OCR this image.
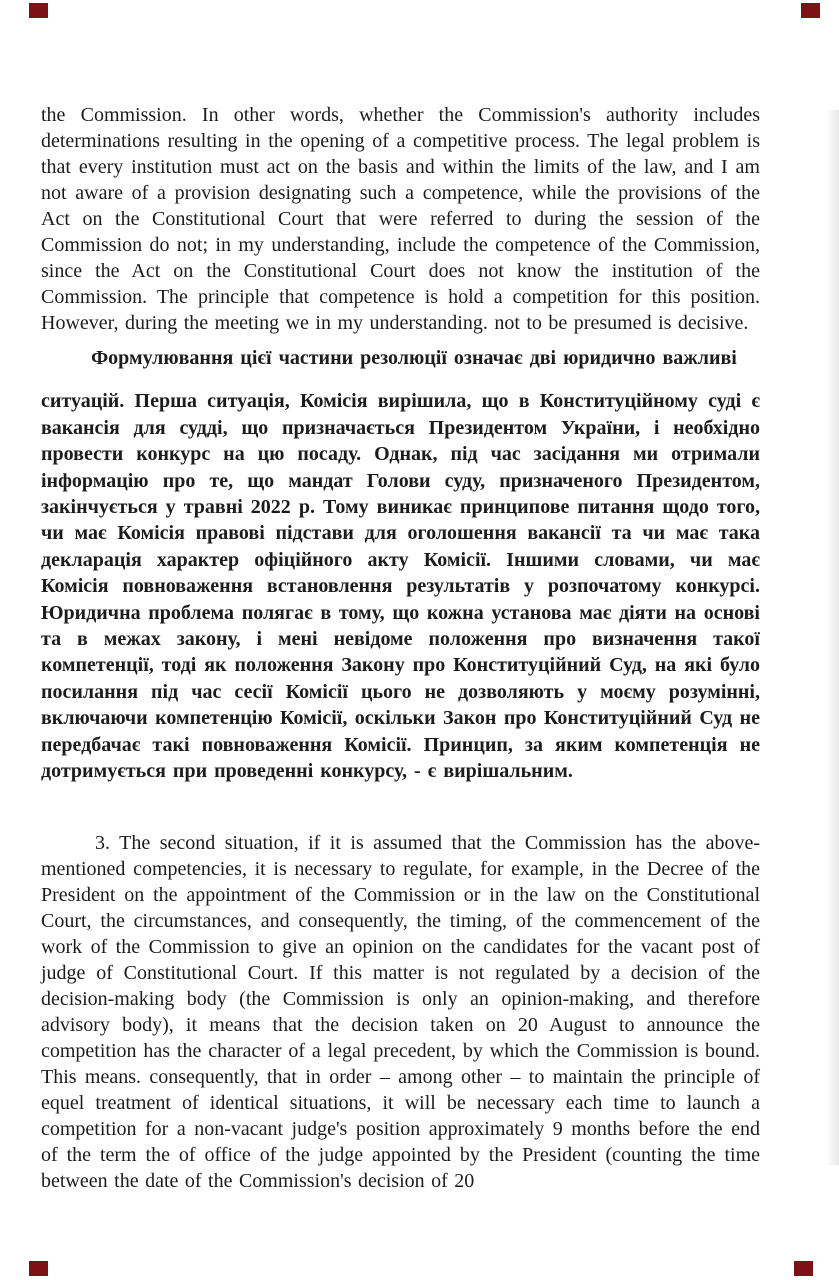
the Commission. In other words, whether the Commission's authority includes determinations resulting in the opening of a competitive process. The legal problem is that every institution must act on the basis and within the limits of the law, and I am not aware of a provision designating such a competence, while the provisions of the Act on the Constitutional Court that were referred to during the session of the Commission do not; in my understanding, include the competence of the Commission, since the Act on the Constitutional Court does not know the institution of the Commission. The principle that competence is hold a competition for this position. However, during the meeting we in my understanding. not to be presumed is decisive.

Формулювання цієї частини резолюції означає дві юридично важливі

ситуацій. Перша ситуація, Комісія вирішила, що в Конституційному суді є вакансія для судді, що призначається Президентом України, і необхідно провести конкурс на цю посаду. Однак, під час засідання ми отримали інформацію про те, що мандат Голови суду, призначеного Президентом, закінчується у травні 2022 р. Тому виникає принципове питання щодо того, чи має Комісія правові підстави для оголошення вакансії та чи має така декларація характер офіційного акту Комісії. Іншими словами, чи має Комісія повноваження встановлення результатів у розпочатому конкурсі. Юридична проблема полягає в тому, що кожна установа має діяти на основі та в межах закону, і мені невідоме положення про визначення такої компетенції, тоді як положення Закону про Конституційний Суд, на які було посилання під час сесії Комісії цього не дозволяють у моєму розумінні, включаючи компетенцію Комісії, оскільки Закон про Конституційний Суд не передбачає такі повноваження Комісії. Принцип, за яким компетенція не дотримується при проведенні конкурсу, - є вирішальним.

3. The second situation, if it is assumed that the Commission has the above-mentioned competencies, it is necessary to regulate, for example, in the Decree of the President on the appointment of the Commission or in the law on the Constitutional Court, the circumstances, and consequently, the timing, of the commencement of the work of the Commission to give an opinion on the candidates for the vacant post of judge of Constitutional Court. If this matter is not regulated by a decision of the decision-making body (the Commission is only an opinion-making, and therefore advisory body), it means that the decision taken on 20 August to announce the competition has the character of a legal precedent, by which the Commission is bound. This means. consequently, that in order – among other – to maintain the principle of equel treatment of identical situations, it will be necessary each time to launch a competition for a non-vacant judge's position approximately 9 months before the end of the term the of office of the judge appointed by the President (counting the time between the date of the Commission's decision of 20
